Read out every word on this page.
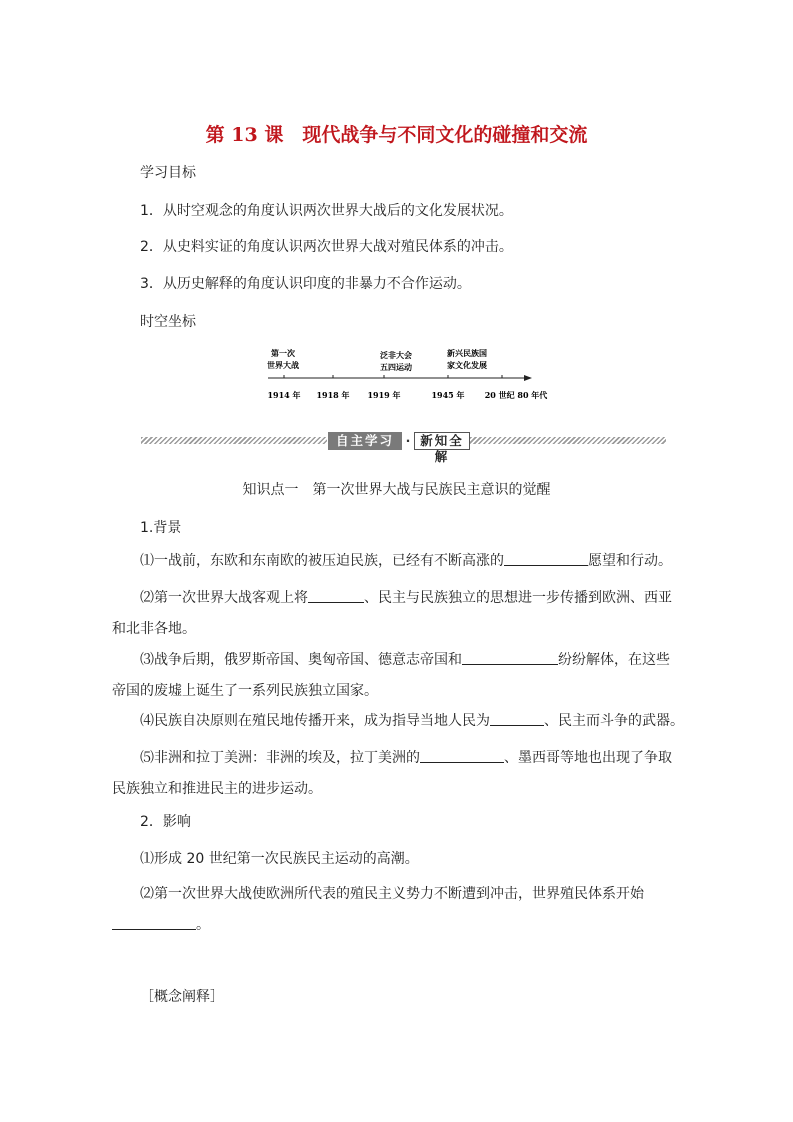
第 13 课　现代战争与不同文化的碰撞和交流
学习目标
1．从时空观念的角度认识两次世界大战后的文化发展状况。
2．从史料实证的角度认识两次世界大战对殖民体系的冲击。
3．从历史解释的角度认识印度的非暴力不合作运动。
时空坐标
第一次
世界大战
泛非大会
五四运动
新兴民族国
家文化发展
1914 年 1918 年 1919 年	1945 年	20 世纪 80 年代
自主学习 · 新知全解
知识点一　第一次世界大战与民族民主意识的觉醒
1.背景
⑴一战前，东欧和东南欧的被压迫民族，已经有不断高涨的	愿望和行动。
⑵第一次世界大战客观上将	、民主与民族独立的思想进一步传播到欧洲、西亚
和北非各地。
⑶战争后期，俄罗斯帝国、奥匈帝国、德意志帝国和	纷纷解体，在这些
帝国的废墟上诞生了一系列民族独立国家。
⑷民族自决原则在殖民地传播开来，成为指导当地人民为	、民主而斗争的武器。
⑸非洲和拉丁美洲：非洲的埃及，拉丁美洲的	、墨西哥等地也出现了争取
民族独立和推进民主的进步运动。
2．影响
⑴形成 20 世纪第一次民族民主运动的高潮。
⑵第一次世界大战使欧洲所代表的殖民主义势力不断遭到冲击，世界殖民体系开始
。
［概念阐释］
